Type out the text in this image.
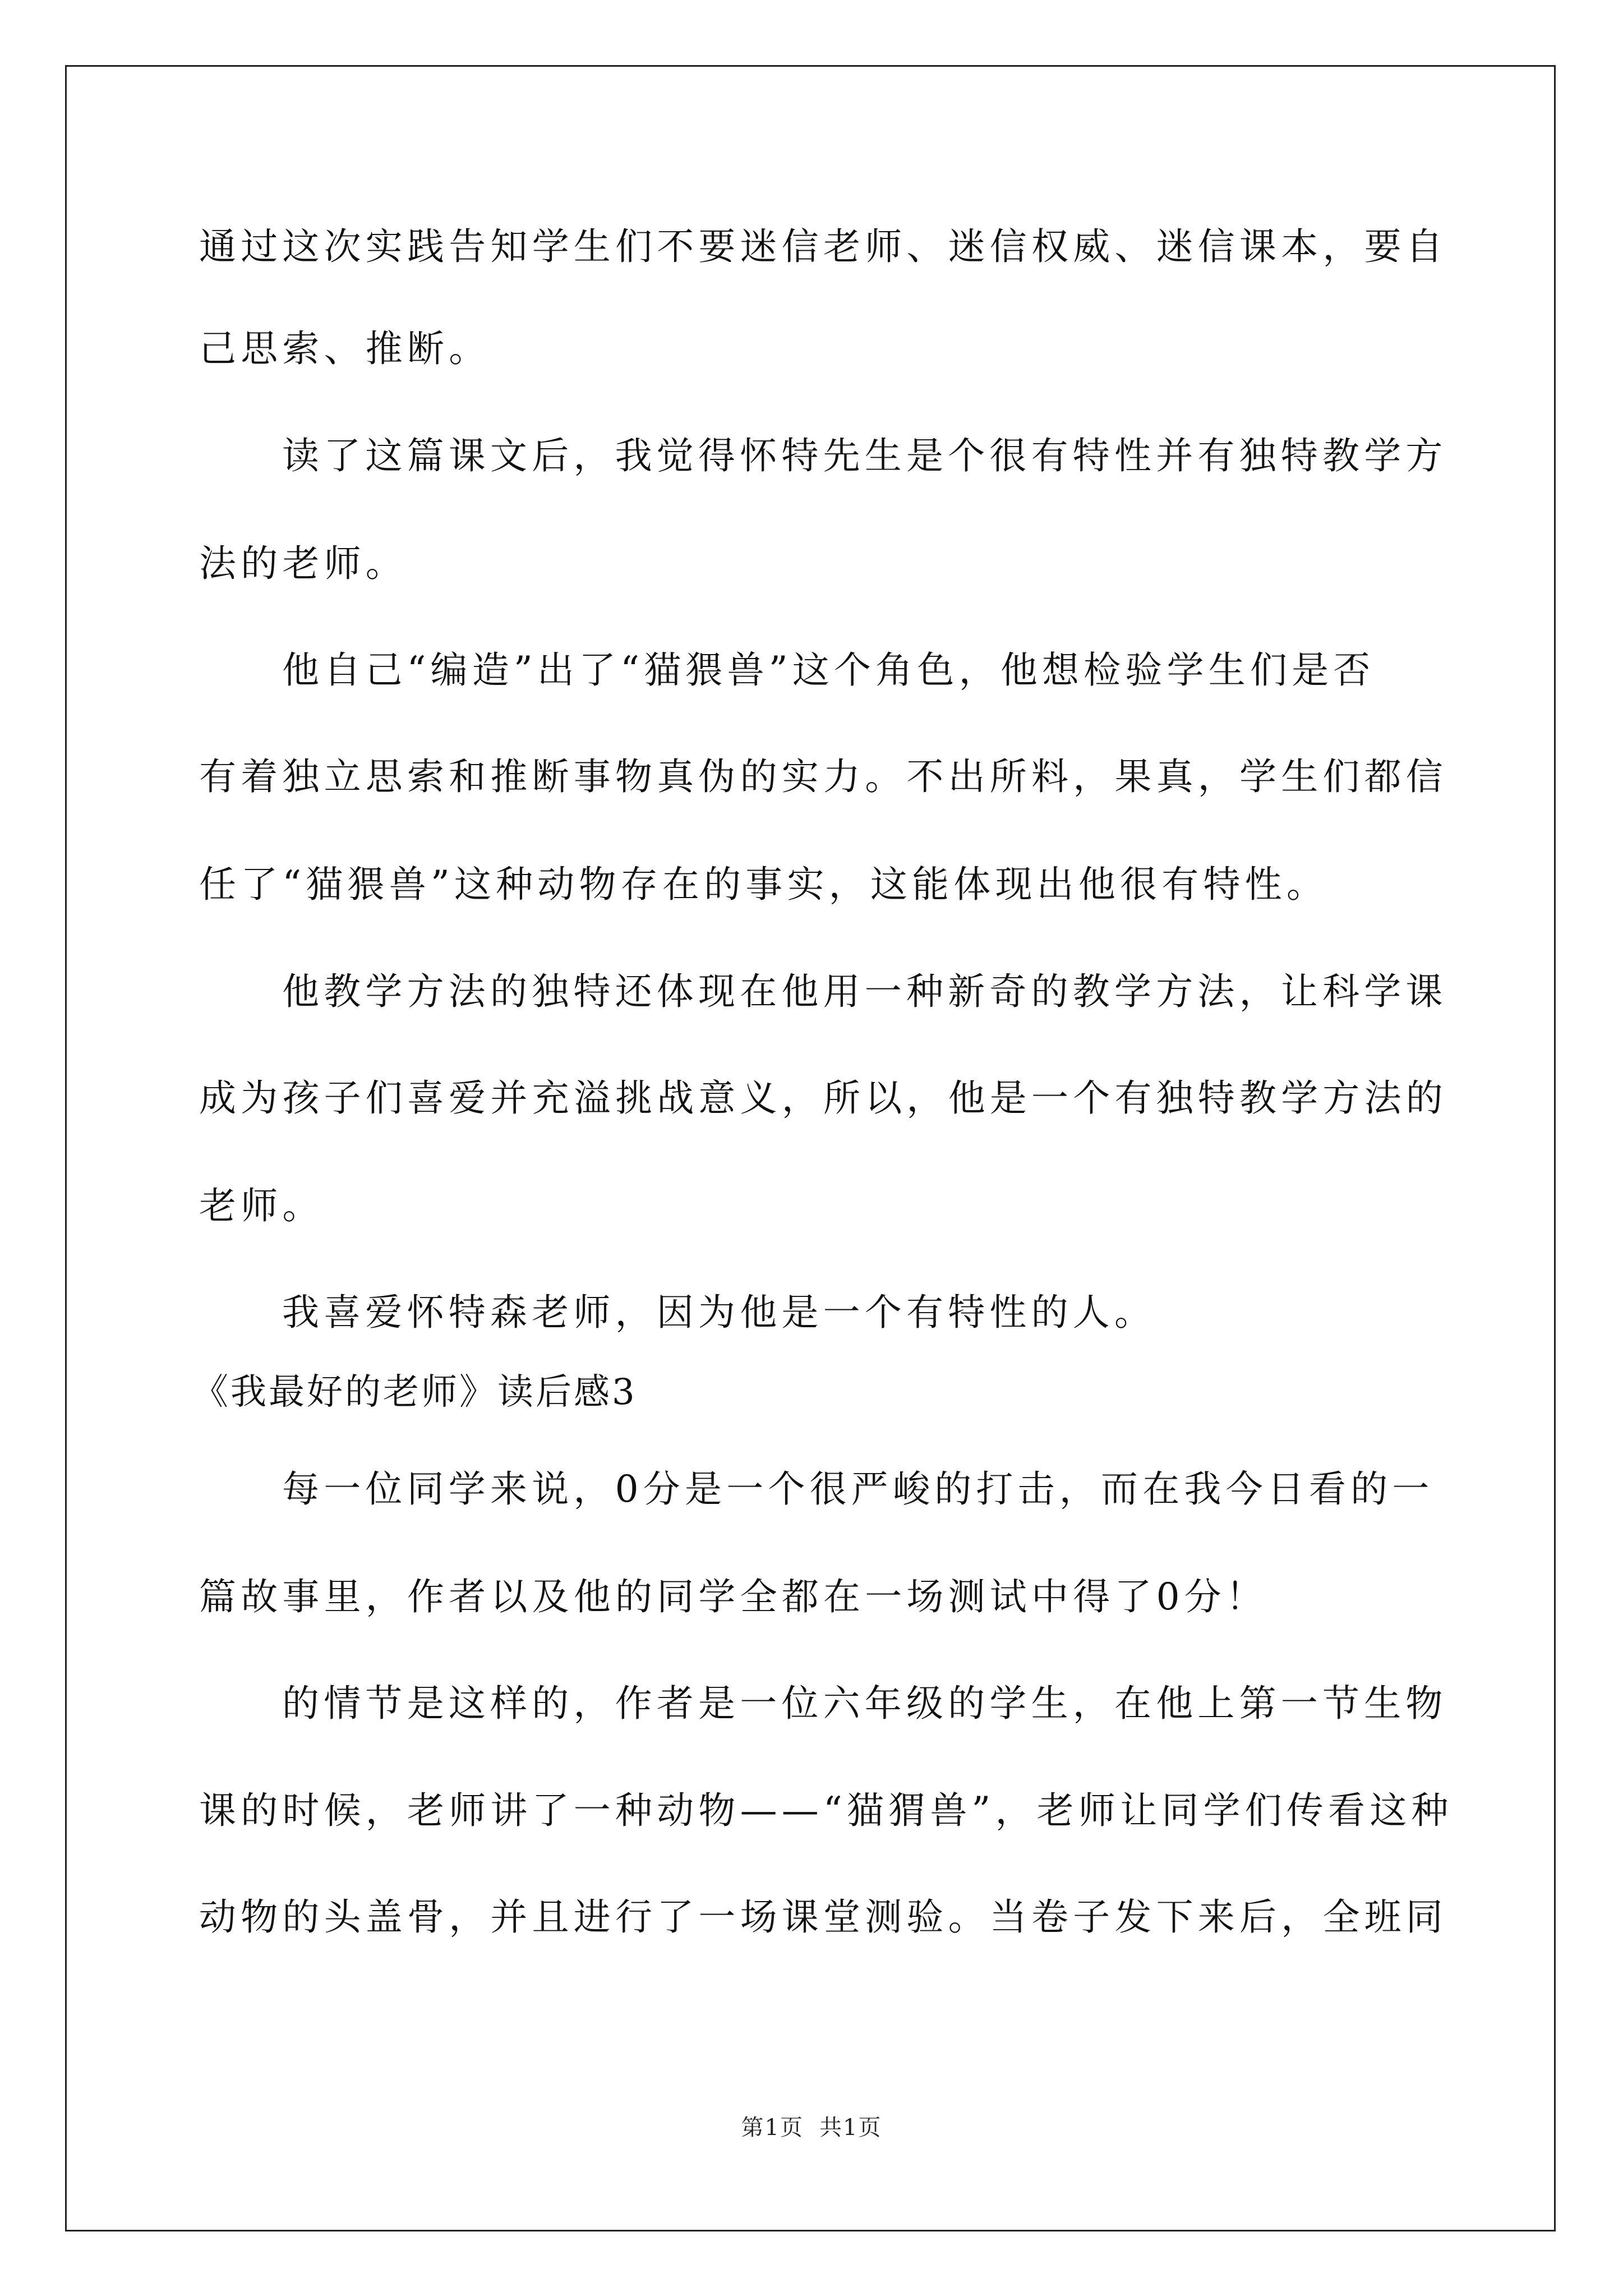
通过这次实践告知学生们不要迷信老师、迷信权威、迷信课本，要自
己思索、推断。
读了这篇课文后，我觉得怀特先生是个很有特性并有独特教学方
法的老师。
他自己“编造”出了“猫猥兽”这个角色，他想检验学生们是否
有着独立思索和推断事物真伪的实力。不出所料，果真，学生们都信
任了“猫猥兽”这种动物存在的事实，这能体现出他很有特性。
他教学方法的独特还体现在他用一种新奇的教学方法，让科学课
成为孩子们喜爱并充溢挑战意义，所以，他是一个有独特教学方法的
老师。
我喜爱怀特森老师，因为他是一个有特性的人。
《我最好的老师》读后感3
每一位同学来说，0分是一个很严峻的打击，而在我今日看的一
篇故事里，作者以及他的同学全都在一场测试中得了0分！
的情节是这样的，作者是一位六年级的学生，在他上第一节生物
课的时候，老师讲了一种动物——“猫猬兽”，老师让同学们传看这种
动物的头盖骨，并且进行了一场课堂测验。当卷子发下来后，全班同
第1页 共1页
